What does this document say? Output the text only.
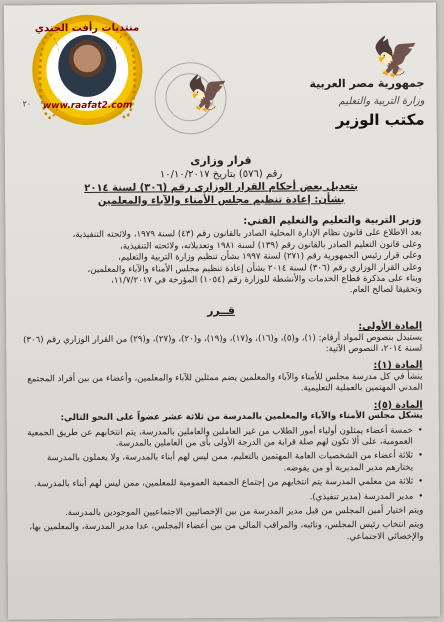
منتديات رأفت الجندي
www.raafat2.com
٢٠	🦅
🦅
جمهورية مصر العربية
وزارة التربية والتعليم
مكتب الوزير
قرار وزارى
رقم (٥٧٦) بتاريخ ١٠/١٠/٢٠١٧
بتعديل بعض أحكام القرار الوزارى رقم (٣٠٦) لسنة ٢٠١٤
بشأن: إعادة تنظيم مجلس الأمناء والآباء والمعلمين

وزير التربية والتعليم والتعليم الفني:

بعد الاطلاع على قانون نظام الإدارة المحلية الصادر بالقانون رقم (٤٣) لسنة ١٩٧٩، ولائحته التنفيذية،

وعلى قانون التعليم الصادر بالقانون رقم (١٣٩) لسنة ١٩٨١ وتعديلاته، ولائحته التنفيذية،

وعلى قرار رئيس الجمهورية رقم (٢٧١) لسنة ١٩٩٧ بشأن تنظيم وزارة التربية والتعليم،

وعلى القرار الوزاري رقم (٣٠٦) لسنة ٢٠١٤ بشأن إعادة تنظيم مجلس الأمناء والآباء والمعلمين،

وبناء على مذكرة قطاع الخدمات والأنشطة للوزارة رقم (١٠٥٤) المؤرخة في ١١/٧/٢٠١٧،

وتحقيقا لصالح العام.

قــرر

المادة الأولى:

يستبدل بنصوص المواد أرقام: (١)، و(٥)، و(١٦)، و(١٧)، و(١٩)، و(٢٠)، و(٢٧)، و(٢٩) من القرار الوزاري رقم (٣٠٦) لسنة ٢٠١٤، النصوص الآتية:

المادة (١):

ينشأ في كل مدرسة مجلس للأمناء والآباء والمعلمين يضم ممثلين للآباء والمعلمين، وأعضاء من بين أفراد المجتمع المدني المهتمين بالعملية التعليمية.

المادة (٥):

يشكل مجلس الأمناء والآباء والمعلمين بالمدرسة من ثلاثة عشر عضواً على النحو التالي:

• خمسة أعضاء يمثلون أولياء أمور الطلاب من غير العاملين والعاملين بالمدرسة، يتم انتخابهم عن طريق الجمعية العمومية، على ألا تكون لهم صلة قرابة من الدرجة الأولى بأى من العاملين بالمدرسة.

• ثلاثة أعضاء من الشخصيات العامة المهتمين بالتعليم، ممن ليس لهم أبناء بالمدرسة، ولا يعملون بالمدرسة يختارهم مدير المديرية أو من يفوضه.

• ثلاثة من معلمي المدرسة يتم انتخابهم من إجتماع الجمعية العمومية للمعلمين، ممن ليس لهم أبناء بالمدرسة.

• مدير المدرسة (مدير تنفيذي).

ويتم اختيار أمين المجلس من قبل مدير المدرسة من بين الإخصائيين الاجتماعيين الموجودين بالمدرسة.

ويتم انتخاب رئيس المجلس، ونائبه، والمراقب المالي من بين أعضاء المجلس، عدا مدير المدرسة، والمعلمين بها، والإخصائي الاجتماعي.
